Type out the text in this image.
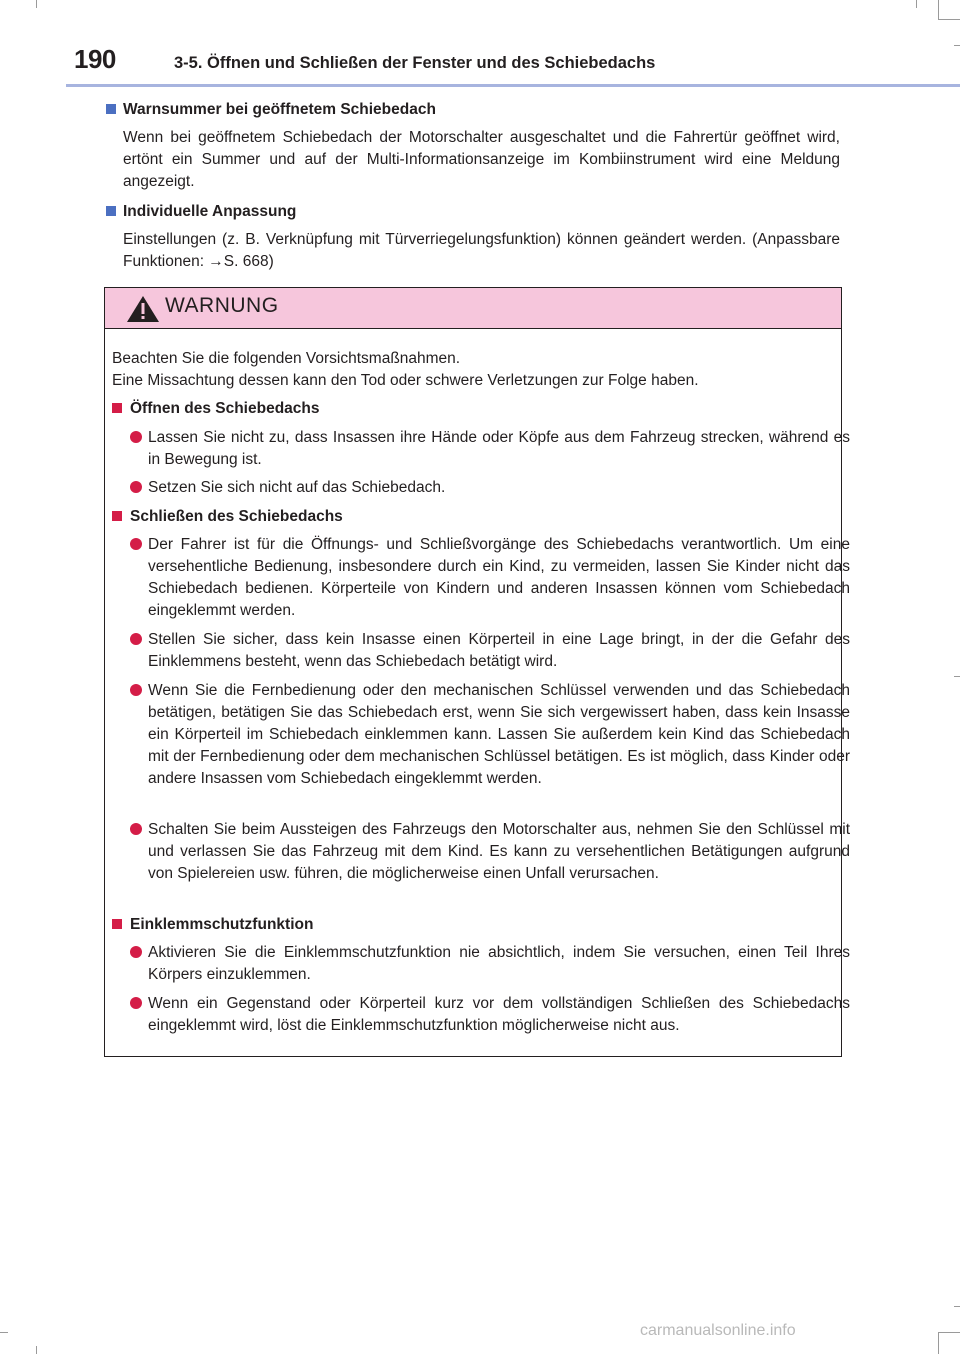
190	3-5. Öffnen und Schließen der Fenster und des Schiebedachs
Warnsummer bei geöffnetem Schiebedach
Wenn bei geöffnetem Schiebedach der Motorschalter ausgeschaltet und die Fahrertür geöffnet wird, ertönt ein Summer und auf der Multi-Informationsanzeige im Kombiinstrument wird eine Meldung angezeigt.
Individuelle Anpassung
Einstellungen (z. B. Verknüpfung mit Türverriegelungsfunktion) können geändert werden. (Anpassbare Funktionen: →S. 668)
WARNUNG
Beachten Sie die folgenden Vorsichtsmaßnahmen.
Eine Missachtung dessen kann den Tod oder schwere Verletzungen zur Folge haben.
Öffnen des Schiebedachs
Lassen Sie nicht zu, dass Insassen ihre Hände oder Köpfe aus dem Fahrzeug strecken, während es in Bewegung ist.
Setzen Sie sich nicht auf das Schiebedach.
Schließen des Schiebedachs
Der Fahrer ist für die Öffnungs- und Schließvorgänge des Schiebedachs verantwortlich. Um eine versehentliche Bedienung, insbesondere durch ein Kind, zu vermeiden, lassen Sie Kinder nicht das Schiebedach bedienen. Körperteile von Kindern und anderen Insassen können vom Schiebedach eingeklemmt werden.
Stellen Sie sicher, dass kein Insasse einen Körperteil in eine Lage bringt, in der die Gefahr des Einklemmens besteht, wenn das Schiebedach betätigt wird.
Wenn Sie die Fernbedienung oder den mechanischen Schlüssel verwenden und das Schiebedach betätigen, betätigen Sie das Schiebedach erst, wenn Sie sich vergewissert haben, dass kein Insasse ein Körperteil im Schiebedach einklemmen kann. Lassen Sie außerdem kein Kind das Schiebedach mit der Fernbedienung oder dem mechanischen Schlüssel betätigen. Es ist möglich, dass Kinder oder andere Insassen vom Schiebedach eingeklemmt werden.
Schalten Sie beim Aussteigen des Fahrzeugs den Motorschalter aus, nehmen Sie den Schlüssel mit und verlassen Sie das Fahrzeug mit dem Kind. Es kann zu versehentlichen Betätigungen aufgrund von Spielereien usw. führen, die möglicherweise einen Unfall verursachen.
Einklemmschutzfunktion
Aktivieren Sie die Einklemmschutzfunktion nie absichtlich, indem Sie versuchen, einen Teil Ihres Körpers einzuklemmen.
Wenn ein Gegenstand oder Körperteil kurz vor dem vollständigen Schließen des Schiebedachs eingeklemmt wird, löst die Einklemmschutzfunktion möglicherweise nicht aus.
carmanualsonline.info
